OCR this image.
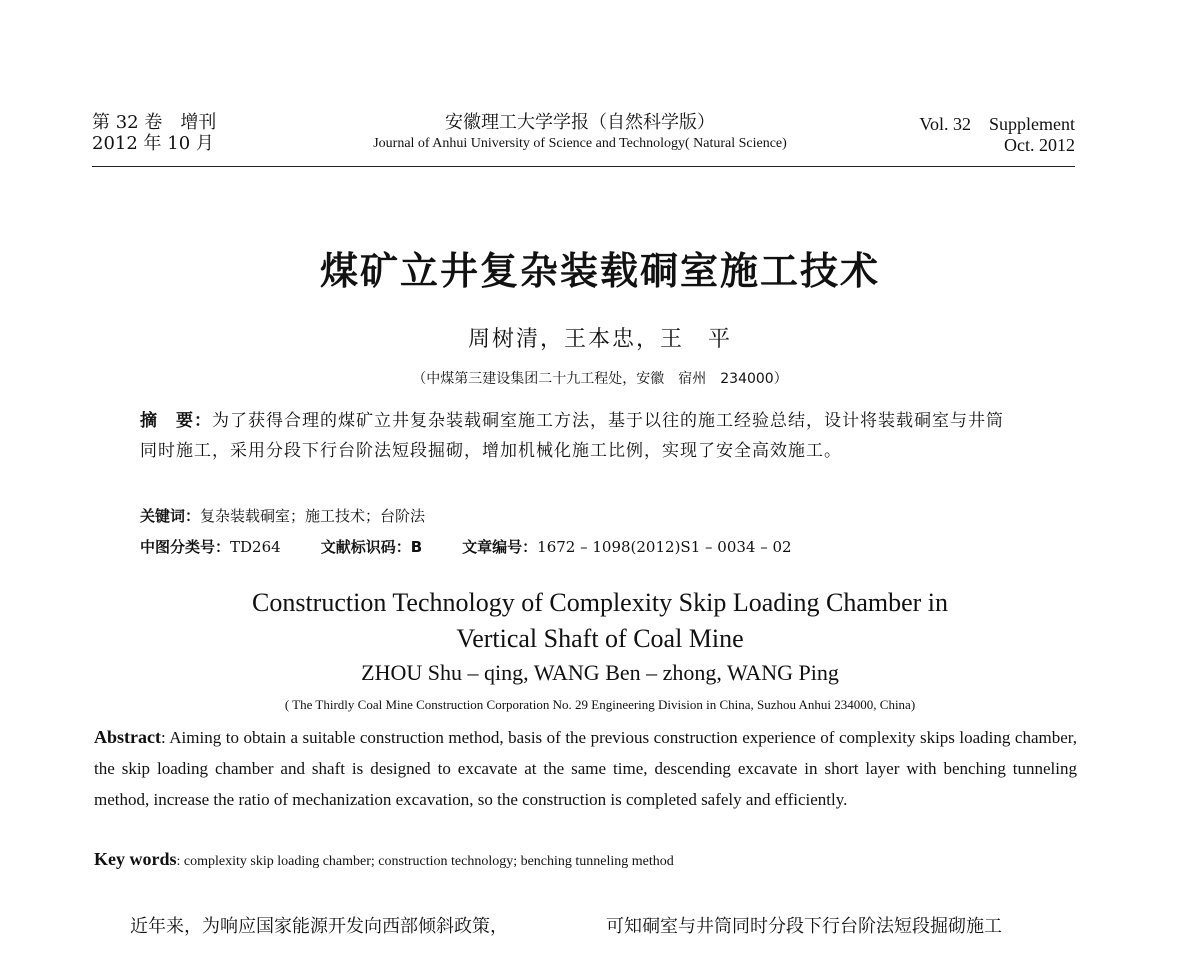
第 32 卷　增刊
2012 年 10 月
安徽理工大学学报（自然科学版）
Journal of Anhui University of Science and Technology( Natural Science)
Vol. 32　Supplement
Oct. 2012
煤矿立井复杂装载硐室施工技术
周树清，王本忠，王　平
（中煤第三建设集团二十九工程处，安徽　宿州　234000）
摘　要：为了获得合理的煤矿立井复杂装载硐室施工方法，基于以往的施工经验总结，设计将装载硐室与井筒同时施工，采用分段下行台阶法短段掘砌，增加机械化施工比例，实现了安全高效施工。
关键词：复杂装载硐室；施工技术；台阶法
中图分类号：TD264	文献标识码：B	文章编号：1672 – 1098(2012)S1 – 0034 – 02
Construction Technology of Complexity Skip Loading Chamber in
Vertical Shaft of Coal Mine
ZHOU Shu – qing, WANG Ben – zhong, WANG Ping
( The Thirdly Coal Mine Construction Corporation No. 29 Engineering Division in China, Suzhou Anhui 234000, China)
Abstract: Aiming to obtain a suitable construction method, basis of the previous construction experience of complexity skips loading chamber, the skip loading chamber and shaft is designed to excavate at the same time, descending excavate in short layer with benching tunneling method, increase the ratio of mechanization excavation, so the construction is completed safely and efficiently.
Key words: complexity skip loading chamber; construction technology; benching tunneling method
　　近年来，为响应国家能源开发向西部倾斜政策，	可知硐室与井筒同时分段下行台阶法短段掘砌施工
